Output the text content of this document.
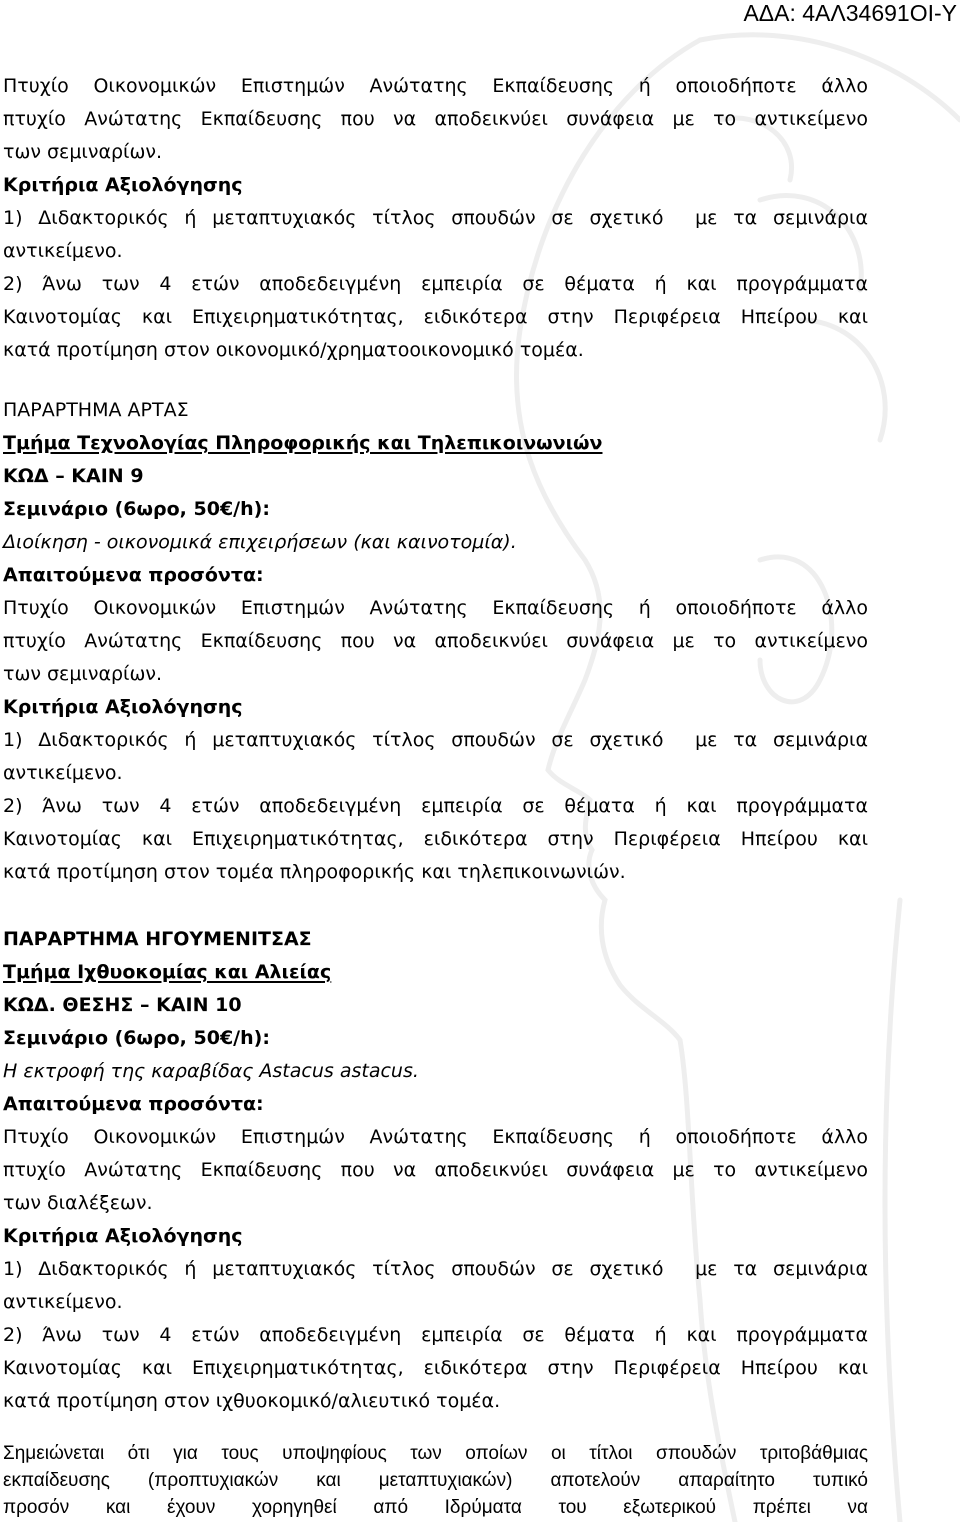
ΑΔΑ: 4ΑΛ34691ΟΙ-Υ
Πτυχίο Οικονομικών Επιστημών Ανώτατης Εκπαίδευσης ή οποιοδήποτε άλλο
πτυχίο Ανώτατης Εκπαίδευσης που να αποδεικνύει συνάφεια με το αντικείμενο
των σεμιναρίων.
Κριτήρια Αξιολόγησης
1) Διδακτορικός ή μεταπτυχιακός τίτλος σπουδών σε σχετικό  με τα σεμινάρια
αντικείμενο.
2) Άνω των 4 ετών αποδεδειγμένη εμπειρία σε θέματα ή και προγράμματα
Καινοτομίας και Επιχειρηματικότητας, ειδικότερα στην Περιφέρεια Ηπείρου και
κατά προτίμηση στον οικονομικό/χρηματοοικονομικό τομέα.
ΠΑΡΑΡΤΗΜΑ ΑΡΤΑΣ
Τμήμα Τεχνολογίας Πληροφορικής και Τηλεπικοινωνιών
ΚΩΔ – ΚΑΙΝ 9
Σεμινάριο (6ωρο, 50€/h):
Διοίκηση - οικονομικά επιχειρήσεων (και καινοτομία).
Απαιτούμενα προσόντα:
Πτυχίο Οικονομικών Επιστημών Ανώτατης Εκπαίδευσης ή οποιοδήποτε άλλο
πτυχίο Ανώτατης Εκπαίδευσης που να αποδεικνύει συνάφεια με το αντικείμενο
των σεμιναρίων.
Κριτήρια Αξιολόγησης
1) Διδακτορικός ή μεταπτυχιακός τίτλος σπουδών σε σχετικό  με τα σεμινάρια
αντικείμενο.
2) Άνω των 4 ετών αποδεδειγμένη εμπειρία σε θέματα ή και προγράμματα
Καινοτομίας και Επιχειρηματικότητας, ειδικότερα στην Περιφέρεια Ηπείρου και
κατά προτίμηση στον τομέα πληροφορικής και τηλεπικοινωνιών.
ΠΑΡΑΡΤΗΜΑ ΗΓΟΥΜΕΝΙΤΣΑΣ
Τμήμα Ιχθυοκομίας και Αλιείας
ΚΩΔ. ΘΕΣΗΣ – ΚΑΙΝ 10
Σεμινάριο (6ωρο, 50€/h):
Η εκτροφή της καραβίδας Astacus astacus.
Απαιτούμενα προσόντα:
Πτυχίο Οικονομικών Επιστημών Ανώτατης Εκπαίδευσης ή οποιοδήποτε άλλο
πτυχίο Ανώτατης Εκπαίδευσης που να αποδεικνύει συνάφεια με το αντικείμενο
των διαλέξεων.
Κριτήρια Αξιολόγησης
1) Διδακτορικός ή μεταπτυχιακός τίτλος σπουδών σε σχετικό  με τα σεμινάρια
αντικείμενο.
2) Άνω των 4 ετών αποδεδειγμένη εμπειρία σε θέματα ή και προγράμματα
Καινοτομίας και Επιχειρηματικότητας, ειδικότερα στην Περιφέρεια Ηπείρου και
κατά προτίμηση στον ιχθυοκομικό/αλιευτικό τομέα.
Σημειώνεται ότι για τους υποψηφίους των οποίων οι τίτλοι σπουδών τριτοβάθμιας
εκπαίδευσης (προπτυχιακών και μεταπτυχιακών) αποτελούν απαραίτητο τυπικό
προσόν και έχουν χορηγηθεί από Ιδρύματα του εξωτερικού πρέπει να
